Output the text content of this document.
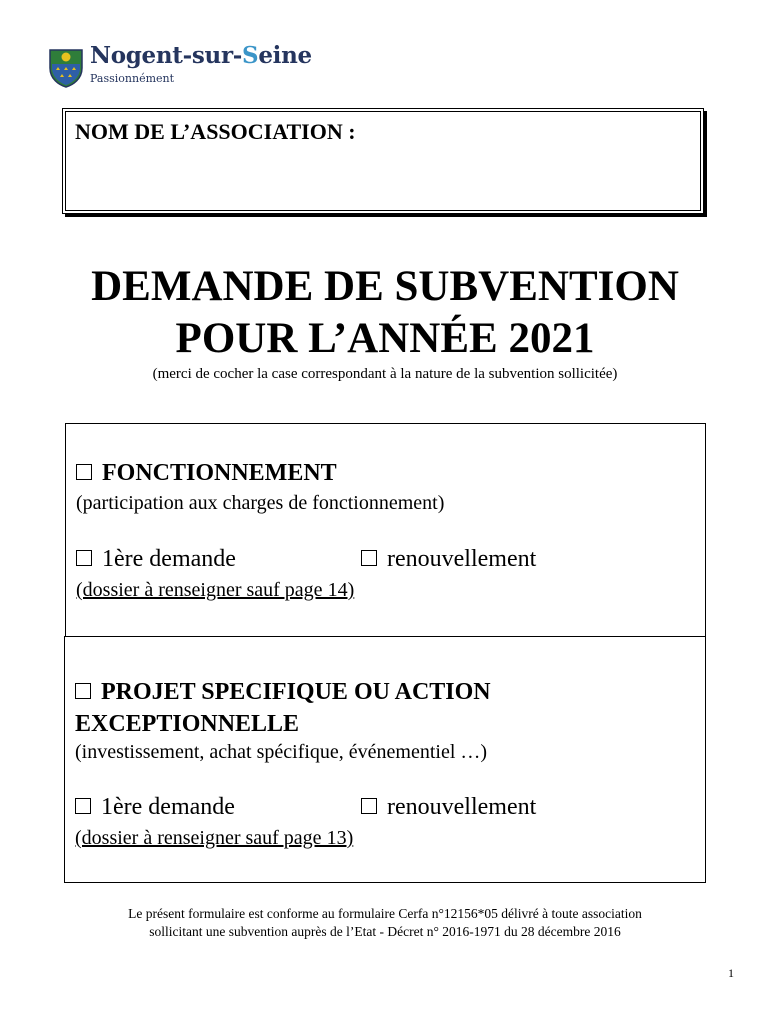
Nogent-sur-Seine
Passionnément
NOM DE L’ASSOCIATION :
DEMANDE DE SUBVENTION
POUR L’ANNÉE 2021
(merci de cocher la case correspondant à la nature de la subvention sollicitée)
FONCTIONNEMENT
(participation aux charges de fonctionnement)
1ère demande	renouvellement
(dossier à renseigner sauf page 14)
PROJET SPECIFIQUE OU ACTION
EXCEPTIONNELLE
(investissement, achat spécifique, événementiel …)
1ère demande	renouvellement
(dossier à renseigner sauf page 13)
Le présent formulaire est conforme au formulaire Cerfa n°12156*05 délivré à toute association
sollicitant une subvention auprès de l’Etat - Décret n° 2016-1971 du 28 décembre 2016
1
